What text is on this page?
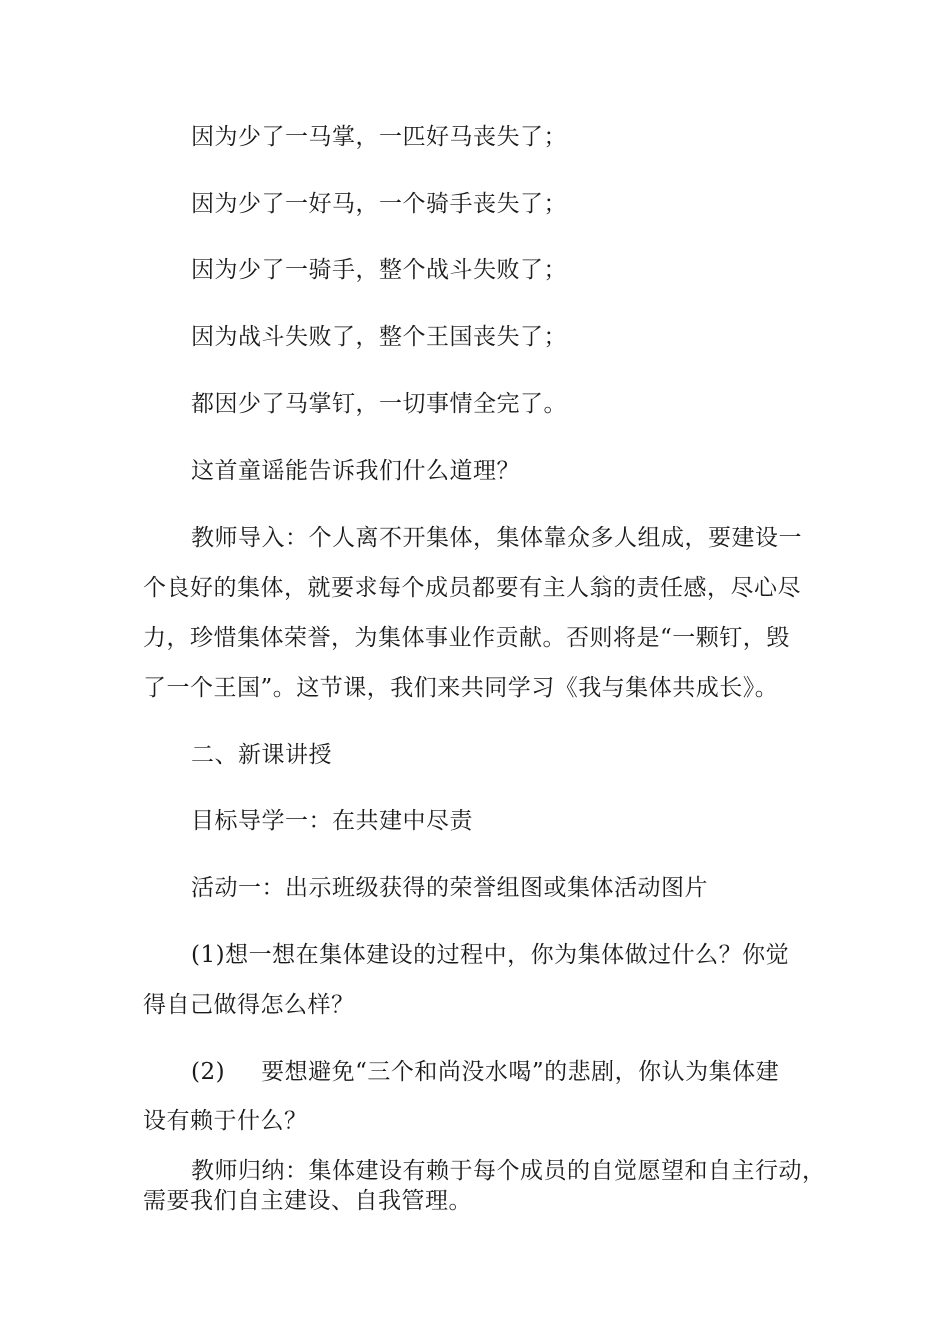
因为少了一马掌，一匹好马丧失了；
因为少了一好马，一个骑手丧失了；
因为少了一骑手，整个战斗失败了；
因为战斗失败了，整个王国丧失了；
都因少了马掌钉，一切事情全完了。
这首童谣能告诉我们什么道理？
教师导入：个人离不开集体，集体靠众多人组成，要建设一
个良好的集体，就要求每个成员都要有主人翁的责任感，尽心尽
力，珍惜集体荣誉，为集体事业作贡献。否则将是“一颗钉，毁
了一个王国”。这节课，我们来共同学习《我与集体共成长》。
二、新课讲授
目标导学一：在共建中尽责
活动一：出示班级获得的荣誉组图或集体活动图片
(1)想一想在集体建设的过程中，你为集体做过什么？你觉
得自己做得怎么样？
(2) 要想避免“三个和尚没水喝”的悲剧，你认为集体建
设有赖于什么？
教师归纳：集体建设有赖于每个成员的自觉愿望和自主行动，
需要我们自主建设、自我管理。
